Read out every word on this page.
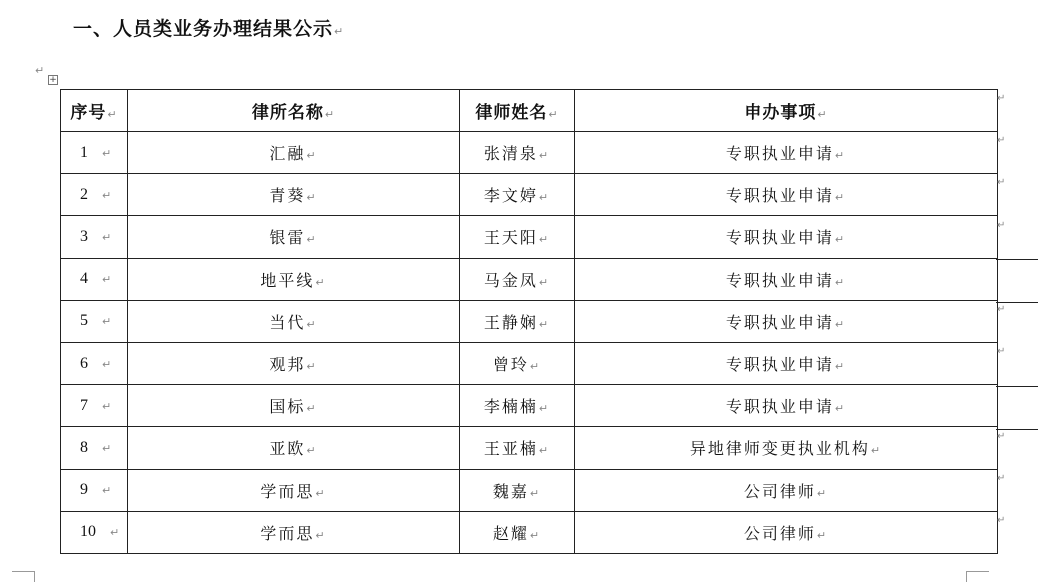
一、人员类业务办理结果公示↵
↵
+
序号↵	律所名称↵	律师姓名↵	申办事项↵
1 ↵	汇融↵	张清泉↵	专职执业申请↵
2 ↵	青葵↵	李文婷↵	专职执业申请↵
3 ↵	银雷↵	王天阳↵	专职执业申请↵
4 ↵	地平线↵	马金凤↵	专职执业申请↵
5 ↵	当代↵	王静娴↵	专职执业申请↵
6 ↵	观邦↵	曾玲↵	专职执业申请↵
7 ↵	国标↵	李楠楠↵	专职执业申请↵
8 ↵	亚欧↵	王亚楠↵	异地律师变更执业机构↵
9 ↵	学而思↵	魏嘉↵	公司律师↵
10 ↵	学而思↵	赵耀↵	公司律师↵
↵
↵
↵
↵
↵
↵
↵
↵
↵
